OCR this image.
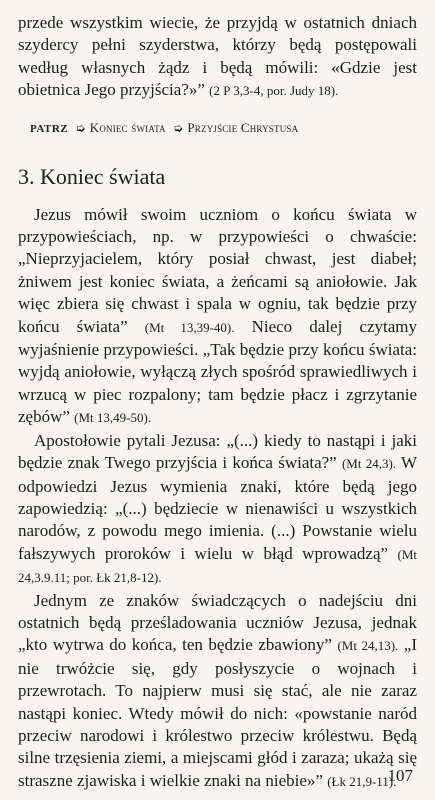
przede wszystkim wiecie, że przyjdą w ostatnich dniach szydercy pełni szyderstwa, którzy będą postępowali według własnych żądz i będą mówili: «Gdzie jest obietnica Jego przyjścia?»” (2 P 3,3-4, por. Judy 18).

PATRZ ➭ Koniec świata ➭ Przyjście Chrystusa
3. Koniec świata

Jezus mówił swoim uczniom o końcu świata w przypowieściach, np. w przypowieści o chwaście: „Nieprzyjacielem, który posiał chwast, jest diabeł; żniwem jest koniec świata, a żeńcami są aniołowie. Jak więc zbiera się chwast i spala w ogniu, tak będzie przy końcu świata” (Mt 13,39-40). Nieco dalej czytamy wyjaśnienie przypowieści. „Tak będzie przy końcu świata: wyjdą aniołowie, wyłączą złych spośród sprawiedliwych i wrzucą w piec rozpalony; tam będzie płacz i zgrzytanie zębów” (Mt 13,49-50).

Apostołowie pytali Jezusa: „(...) kiedy to nastąpi i jaki będzie znak Twego przyjścia i końca świata?” (Mt 24,3). W odpowiedzi Jezus wymienia znaki, które będą jego zapowiedzią: „(...) będziecie w nienawiści u wszystkich narodów, z powodu mego imienia. (...) Powstanie wielu fałszywych proroków i wielu w błąd wprowadzą” (Mt 24,3.9.11; por. Łk 21,8-12).

Jednym ze znaków świadczących o nadejściu dni ostatnich będą prześladowania uczniów Jezusa, jednak „kto wytrwa do końca, ten będzie zbawiony” (Mt 24,13). „I nie trwóżcie się, gdy posłyszycie o wojnach i przewrotach. To najpierw musi się stać, ale nie zaraz nastąpi koniec. Wtedy mówił do nich: «powstanie naród przeciw narodowi i królestwo przeciw królestwu. Będą silne trzęsienia ziemi, a miejscami głód i zaraza; ukażą się straszne zjawiska i wielkie znaki na niebie»” (Łk 21,9-11).

107
